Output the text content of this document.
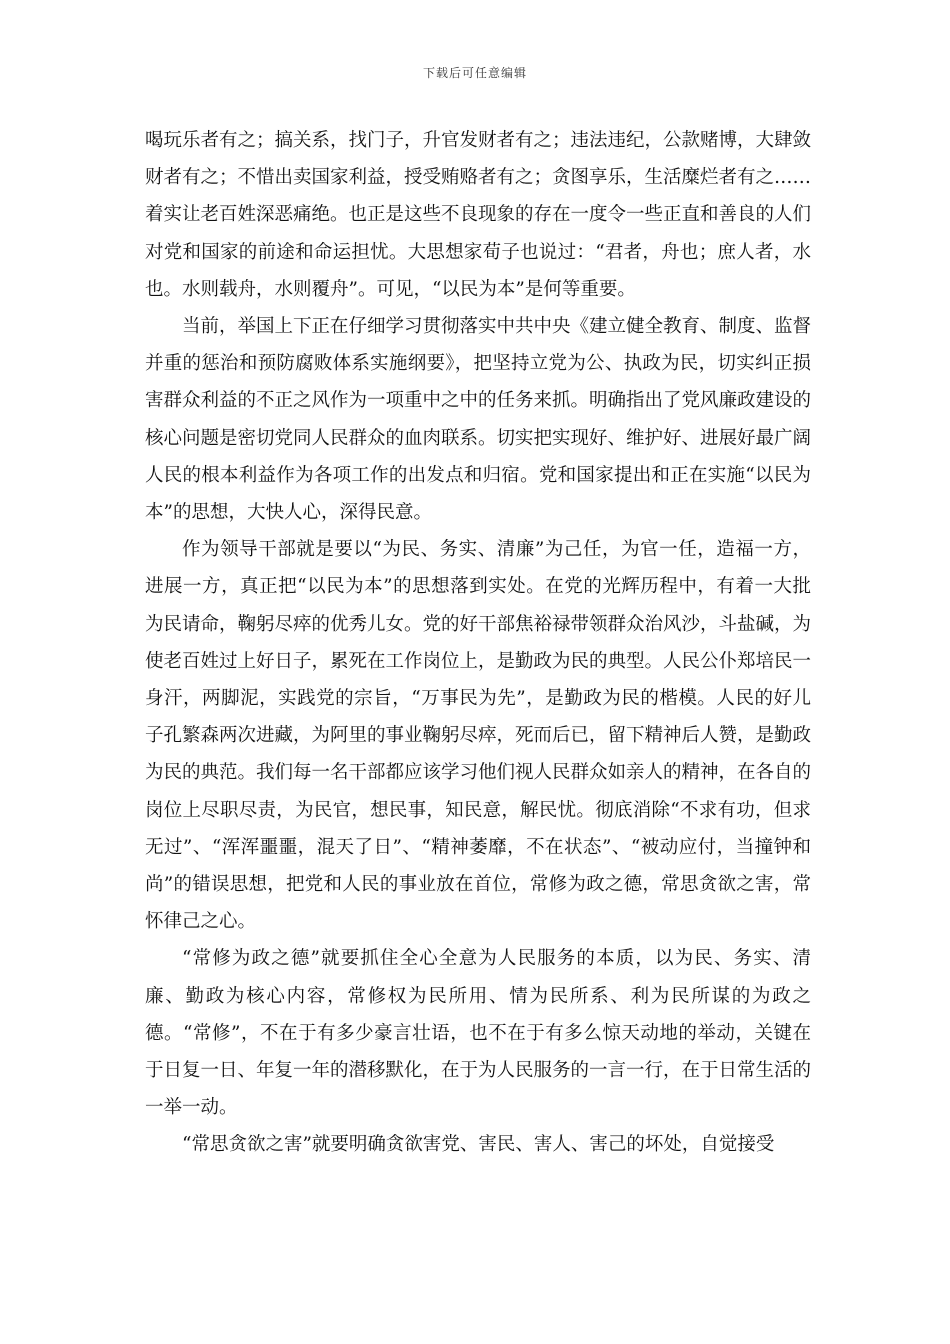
下载后可任意编辑

喝玩乐者有之；搞关系，找门子，升官发财者有之；违法违纪，公款赌博，大肆敛财者有之；不惜出卖国家利益，授受贿赂者有之；贪图享乐，生活糜烂者有之……着实让老百姓深恶痛绝。也正是这些不良现象的存在一度令一些正直和善良的人们对党和国家的前途和命运担忧。大思想家荀子也说过：“君者，舟也；庶人者，水也。水则载舟，水则覆舟”。可见，“以民为本”是何等重要。

当前，举国上下正在仔细学习贯彻落实中共中央《建立健全教育、制度、监督并重的惩治和预防腐败体系实施纲要》，把坚持立党为公、执政为民，切实纠正损害群众利益的不正之风作为一项重中之中的任务来抓。明确指出了党风廉政建设的核心问题是密切党同人民群众的血肉联系。切实把实现好、维护好、进展好最广阔人民的根本利益作为各项工作的出发点和归宿。党和国家提出和正在实施“以民为本”的思想，大快人心，深得民意。

作为领导干部就是要以“为民、务实、清廉”为己任，为官一任，造福一方，进展一方，真正把“以民为本”的思想落到实处。在党的光辉历程中，有着一大批为民请命，鞠躬尽瘁的优秀儿女。党的好干部焦裕禄带领群众治风沙，斗盐碱，为使老百姓过上好日子，累死在工作岗位上，是勤政为民的典型。人民公仆郑培民一身汗，两脚泥，实践党的宗旨，“万事民为先”，是勤政为民的楷模。人民的好儿子孔繁森两次进藏，为阿里的事业鞠躬尽瘁，死而后已，留下精神后人赞，是勤政为民的典范。我们每一名干部都应该学习他们视人民群众如亲人的精神，在各自的岗位上尽职尽责，为民官，想民事，知民意，解民忧。彻底消除“不求有功，但求无过”、“浑浑噩噩，混天了日”、“精神萎靡，不在状态”、“被动应付，当撞钟和尚”的错误思想，把党和人民的事业放在首位，常修为政之德，常思贪欲之害，常怀律己之心。

“常修为政之德”就要抓住全心全意为人民服务的本质，以为民、务实、清廉、勤政为核心内容，常修权为民所用、情为民所系、利为民所谋的为政之德。“常修”，不在于有多少豪言壮语，也不在于有多么惊天动地的举动，关键在于日复一日、年复一年的潜移默化，在于为人民服务的一言一行，在于日常生活的一举一动。

“常思贪欲之害”就要明确贪欲害党、害民、害人、害己的坏处，自觉接受
